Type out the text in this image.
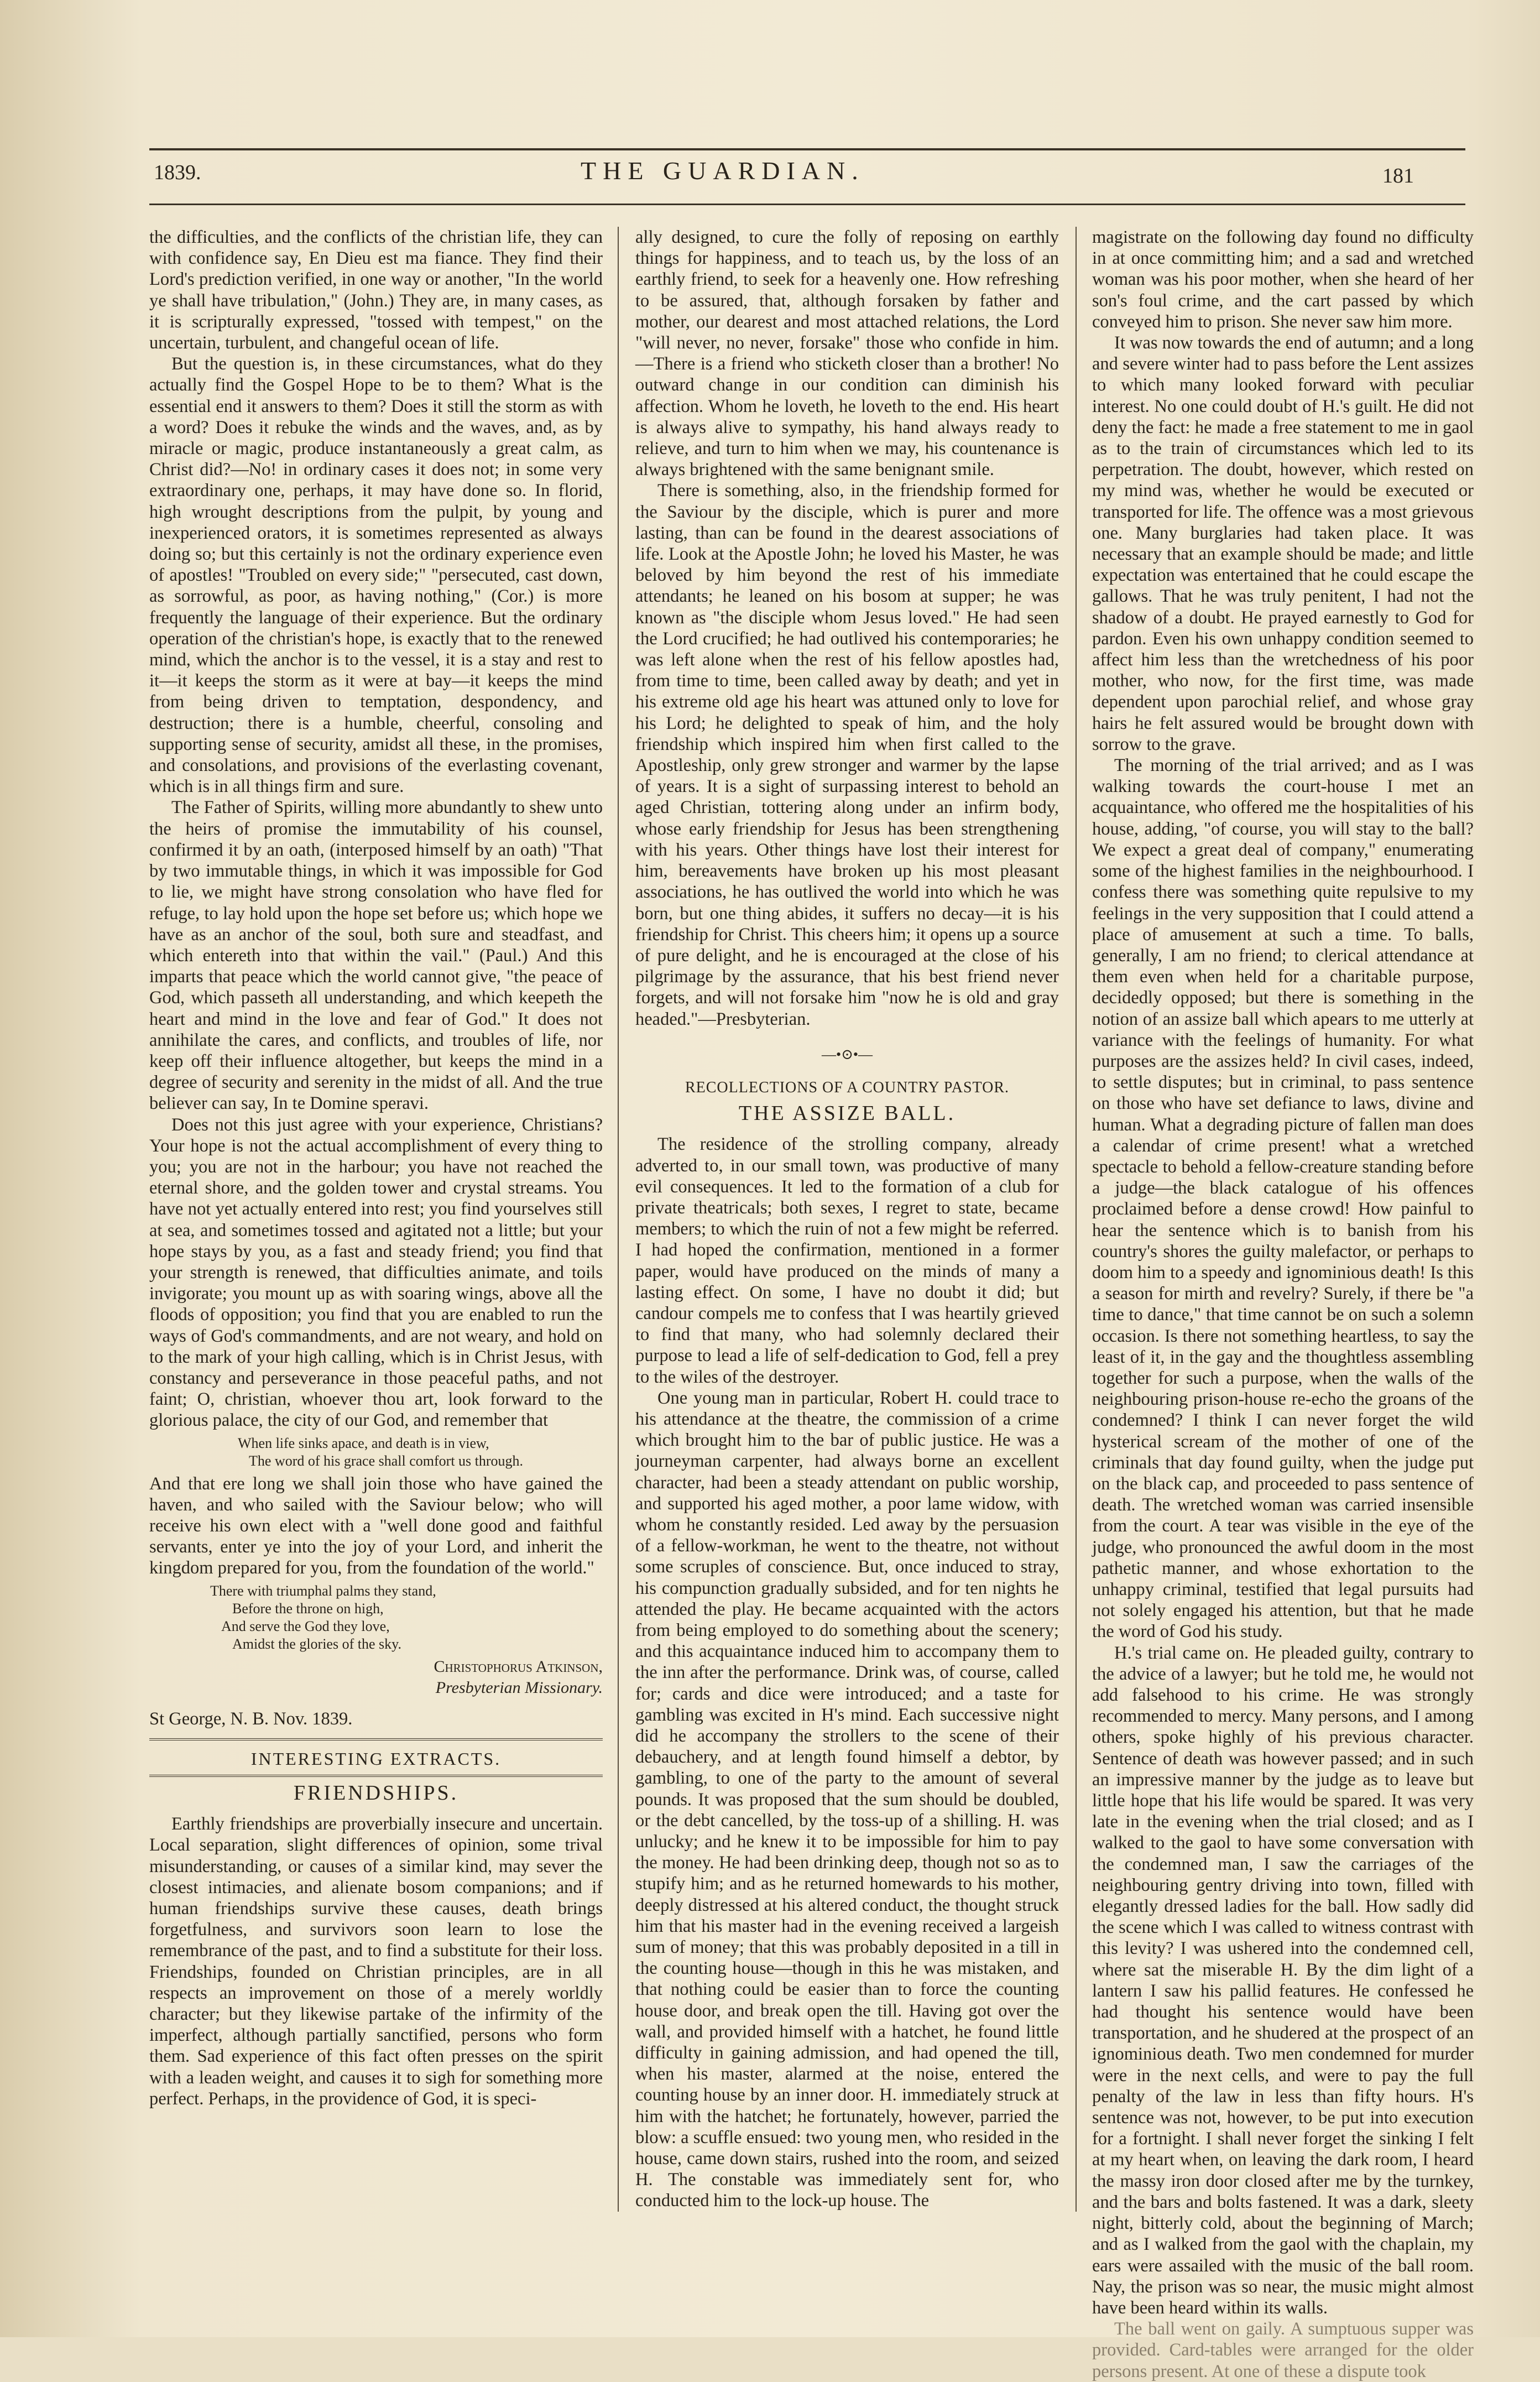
1839.	THE GUARDIAN.	181

the difficulties, and the conflicts of the christian life, they can with confidence say, En Dieu est ma fiance. They find their Lord's prediction verified, in one way or another, "In the world ye shall have tribulation," (John.) They are, in many cases, as it is scripturally expressed, "tossed with tempest," on the uncertain, turbulent, and changeful ocean of life.

But the question is, in these circumstances, what do they actually find the Gospel Hope to be to them? What is the essential end it answers to them? Does it still the storm as with a word? Does it rebuke the winds and the waves, and, as by miracle or magic, produce instantaneously a great calm, as Christ did?—No! in ordinary cases it does not; in some very extraordinary one, perhaps, it may have done so. In florid, high wrought descriptions from the pulpit, by young and inexperienced orators, it is sometimes represented as always doing so; but this certainly is not the ordinary experience even of apostles! "Troubled on every side;" "persecuted, cast down, as sorrowful, as poor, as having nothing," (Cor.) is more frequently the language of their experience. But the ordinary operation of the christian's hope, is exactly that to the renewed mind, which the anchor is to the vessel, it is a stay and rest to it—it keeps the storm as it were at bay—it keeps the mind from being driven to temptation, despondency, and destruction; there is a humble, cheerful, consoling and supporting sense of security, amidst all these, in the promises, and consolations, and provisions of the everlasting covenant, which is in all things firm and sure.

The Father of Spirits, willing more abundantly to shew unto the heirs of promise the immutability of his counsel, confirmed it by an oath, (interposed himself by an oath) "That by two immutable things, in which it was impossible for God to lie, we might have strong consolation who have fled for refuge, to lay hold upon the hope set before us; which hope we have as an anchor of the soul, both sure and steadfast, and which entereth into that within the vail." (Paul.) And this imparts that peace which the world cannot give, "the peace of God, which passeth all understanding, and which keepeth the heart and mind in the love and fear of God." It does not annihilate the cares, and conflicts, and troubles of life, nor keep off their influence altogether, but keeps the mind in a degree of security and serenity in the midst of all. And the true believer can say, In te Domine speravi.

Does not this just agree with your experience, Christians? Your hope is not the actual accomplishment of every thing to you; you are not in the harbour; you have not reached the eternal shore, and the golden tower and crystal streams. You have not yet actually entered into rest; you find yourselves still at sea, and sometimes tossed and agitated not a little; but your hope stays by you, as a fast and steady friend; you find that your strength is renewed, that difficulties animate, and toils invigorate; you mount up as with soaring wings, above all the floods of opposition; you find that you are enabled to run the ways of God's commandments, and are not weary, and hold on to the mark of your high calling, which is in Christ Jesus, with constancy and perseverance in those peaceful paths, and not faint; O, christian, whoever thou art, look forward to the glorious palace, the city of our God, and remember that

When life sinks apace, and death is in view,
The word of his grace shall comfort us through.

And that ere long we shall join those who have gained the haven, and who sailed with the Saviour below; who will receive his own elect with a "well done good and faithful servants, enter ye into the joy of your Lord, and inherit the kingdom prepared for you, from the foundation of the world."

There with triumphal palms they stand,
Before the throne on high,
And serve the God they love,
Amidst the glories of the sky.
Christophorus Atkinson,
Presbyterian Missionary.
St George, N. B. Nov. 1839.
INTERESTING EXTRACTS.
FRIENDSHIPS.

Earthly friendships are proverbially insecure and uncertain. Local separation, slight differences of opinion, some trival misunderstanding, or causes of a similar kind, may sever the closest intimacies, and alienate bosom companions; and if human friendships survive these causes, death brings forgetfulness, and survivors soon learn to lose the remembrance of the past, and to find a substitute for their loss. Friendships, founded on Christian principles, are in all respects an improvement on those of a merely worldly character; but they likewise partake of the infirmity of the imperfect, although partially sanctified, persons who form them. Sad experience of this fact often presses on the spirit with a leaden weight, and causes it to sigh for something more perfect. Perhaps, in the providence of God, it is speci-

ally designed, to cure the folly of reposing on earthly things for happiness, and to teach us, by the loss of an earthly friend, to seek for a heavenly one. How refreshing to be assured, that, although forsaken by father and mother, our dearest and most attached relations, the Lord "will never, no never, forsake" those who confide in him.—There is a friend who sticketh closer than a brother! No outward change in our condition can diminish his affection. Whom he loveth, he loveth to the end. His heart is always alive to sympathy, his hand always ready to relieve, and turn to him when we may, his countenance is always brightened with the same benignant smile.

There is something, also, in the friendship formed for the Saviour by the disciple, which is purer and more lasting, than can be found in the dearest associations of life. Look at the Apostle John; he loved his Master, he was beloved by him beyond the rest of his immediate attendants; he leaned on his bosom at supper; he was known as "the disciple whom Jesus loved." He had seen the Lord crucified; he had outlived his contemporaries; he was left alone when the rest of his fellow apostles had, from time to time, been called away by death; and yet in his extreme old age his heart was attuned only to love for his Lord; he delighted to speak of him, and the holy friendship which inspired him when first called to the Apostleship, only grew stronger and warmer by the lapse of years. It is a sight of surpassing interest to behold an aged Christian, tottering along under an infirm body, whose early friendship for Jesus has been strengthening with his years. Other things have lost their interest for him, bereavements have broken up his most pleasant associations, he has outlived the world into which he was born, but one thing abides, it suffers no decay—it is his friendship for Christ. This cheers him; it opens up a source of pure delight, and he is encouraged at the close of his pilgrimage by the assurance, that his best friend never forgets, and will not forsake him "now he is old and gray headed."—Presbyterian.

—•⊙•—
RECOLLECTIONS OF A COUNTRY PASTOR.
THE ASSIZE BALL.

The residence of the strolling company, already adverted to, in our small town, was productive of many evil consequences. It led to the formation of a club for private theatricals; both sexes, I regret to state, became members; to which the ruin of not a few might be referred. I had hoped the confirmation, mentioned in a former paper, would have produced on the minds of many a lasting effect. On some, I have no doubt it did; but candour compels me to confess that I was heartily grieved to find that many, who had solemnly declared their purpose to lead a life of self-dedication to God, fell a prey to the wiles of the destroyer.

One young man in particular, Robert H. could trace to his attendance at the theatre, the commission of a crime which brought him to the bar of public justice. He was a journeyman carpenter, had always borne an excellent character, had been a steady attendant on public worship, and supported his aged mother, a poor lame widow, with whom he constantly resided. Led away by the persuasion of a fellow-workman, he went to the theatre, not without some scruples of conscience. But, once induced to stray, his compunction gradually subsided, and for ten nights he attended the play. He became acquainted with the actors from being employed to do something about the scenery; and this acquaintance induced him to accompany them to the inn after the performance. Drink was, of course, called for; cards and dice were introduced; and a taste for gambling was excited in H's mind. Each successive night did he accompany the strollers to the scene of their debauchery, and at length found himself a debtor, by gambling, to one of the party to the amount of several pounds. It was proposed that the sum should be doubled, or the debt cancelled, by the toss-up of a shilling. H. was unlucky; and he knew it to be impossible for him to pay the money. He had been drinking deep, though not so as to stupify him; and as he returned homewards to his mother, deeply distressed at his altered conduct, the thought struck him that his master had in the evening received a largeish sum of money; that this was probably deposited in a till in the counting house—though in this he was mistaken, and that nothing could be easier than to force the counting house door, and break open the till. Having got over the wall, and provided himself with a hatchet, he found little difficulty in gaining admission, and had opened the till, when his master, alarmed at the noise, entered the counting house by an inner door. H. immediately struck at him with the hatchet; he fortunately, however, parried the blow: a scuffle ensued: two young men, who resided in the house, came down stairs, rushed into the room, and seized H. The constable was immediately sent for, who conducted him to the lock-up house. The

magistrate on the following day found no difficulty in at once committing him; and a sad and wretched woman was his poor mother, when she heard of her son's foul crime, and the cart passed by which conveyed him to prison. She never saw him more.

It was now towards the end of autumn; and a long and severe winter had to pass before the Lent assizes to which many looked forward with peculiar interest. No one could doubt of H.'s guilt. He did not deny the fact: he made a free statement to me in gaol as to the train of circumstances which led to its perpetration. The doubt, however, which rested on my mind was, whether he would be executed or transported for life. The offence was a most grievous one. Many burglaries had taken place. It was necessary that an example should be made; and little expectation was entertained that he could escape the gallows. That he was truly penitent, I had not the shadow of a doubt. He prayed earnestly to God for pardon. Even his own unhappy condition seemed to affect him less than the wretchedness of his poor mother, who now, for the first time, was made dependent upon parochial relief, and whose gray hairs he felt assured would be brought down with sorrow to the grave.

The morning of the trial arrived; and as I was walking towards the court-house I met an acquaintance, who offered me the hospitalities of his house, adding, "of course, you will stay to the ball? We expect a great deal of company," enumerating some of the highest families in the neighbourhood. I confess there was something quite repulsive to my feelings in the very supposition that I could attend a place of amusement at such a time. To balls, generally, I am no friend; to clerical attendance at them even when held for a charitable purpose, decidedly opposed; but there is something in the notion of an assize ball which apears to me utterly at variance with the feelings of humanity. For what purposes are the assizes held? In civil cases, indeed, to settle disputes; but in criminal, to pass sentence on those who have set defiance to laws, divine and human. What a degrading picture of fallen man does a calendar of crime present! what a wretched spectacle to behold a fellow-creature standing before a judge—the black catalogue of his offences proclaimed before a dense crowd! How painful to hear the sentence which is to banish from his country's shores the guilty malefactor, or perhaps to doom him to a speedy and ignominious death! Is this a season for mirth and revelry? Surely, if there be "a time to dance," that time cannot be on such a solemn occasion. Is there not something heartless, to say the least of it, in the gay and the thoughtless assembling together for such a purpose, when the walls of the neighbouring prison-house re-echo the groans of the condemned? I think I can never forget the wild hysterical scream of the mother of one of the criminals that day found guilty, when the judge put on the black cap, and proceeded to pass sentence of death. The wretched woman was carried insensible from the court. A tear was visible in the eye of the judge, who pronounced the awful doom in the most pathetic manner, and whose exhortation to the unhappy criminal, testified that legal pursuits had not solely engaged his attention, but that he made the word of God his study.

H.'s trial came on. He pleaded guilty, contrary to the advice of a lawyer; but he told me, he would not add falsehood to his crime. He was strongly recommended to mercy. Many persons, and I among others, spoke highly of his previous character. Sentence of death was however passed; and in such an impressive manner by the judge as to leave but little hope that his life would be spared. It was very late in the evening when the trial closed; and as I walked to the gaol to have some conversation with the condemned man, I saw the carriages of the neighbouring gentry driving into town, filled with elegantly dressed ladies for the ball. How sadly did the scene which I was called to witness contrast with this levity? I was ushered into the condemned cell, where sat the miserable H. By the dim light of a lantern I saw his pallid features. He confessed he had thought his sentence would have been transportation, and he shudered at the prospect of an ignominious death. Two men condemned for murder were in the next cells, and were to pay the full penalty of the law in less than fifty hours. H's sentence was not, however, to be put into execution for a fortnight. I shall never forget the sinking I felt at my heart when, on leaving the dark room, I heard the massy iron door closed after me by the turnkey, and the bars and bolts fastened. It was a dark, sleety night, bitterly cold, about the beginning of March; and as I walked from the gaol with the chaplain, my ears were assailed with the music of the ball room. Nay, the prison was so near, the music might almost have been heard within its walls.

The ball went on gaily. A sumptuous supper was provided. Card-tables were arranged for the older persons present. At one of these a dispute took
